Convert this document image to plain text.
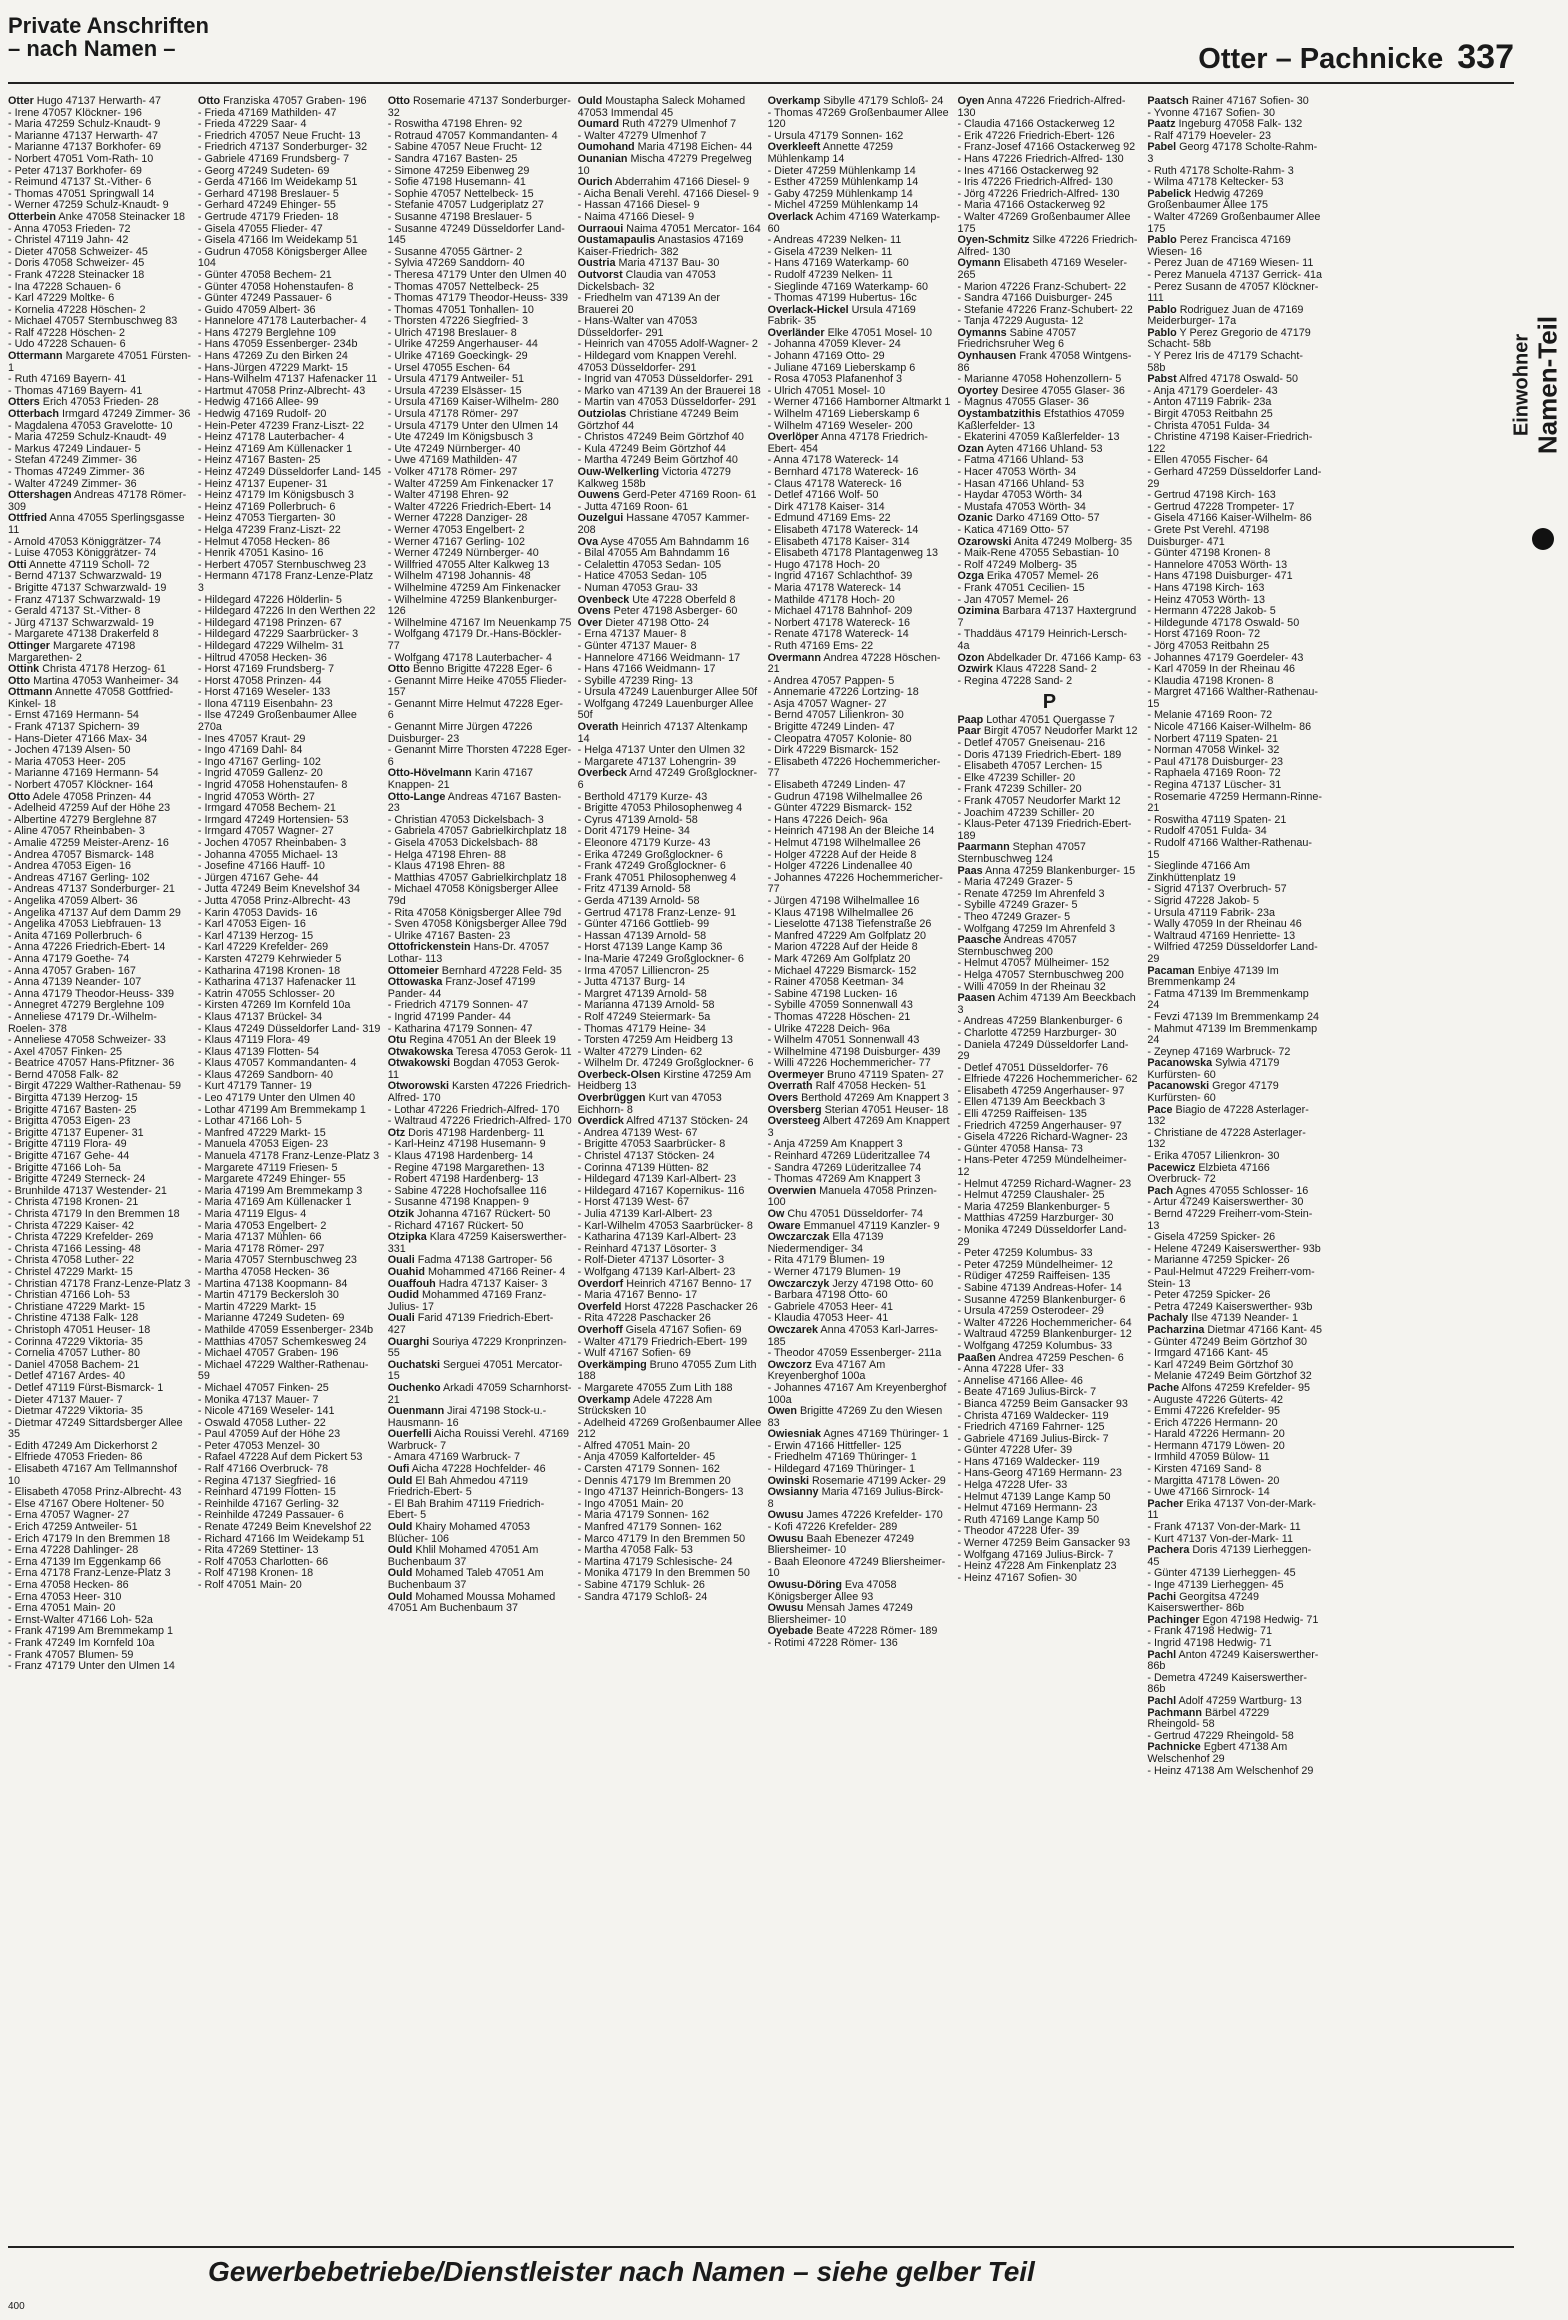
Private Anschriften
– nach Namen –	Otter – Pachnicke 337
Otter Hugo 47137 Herwarth- 47
- Irene 47057 Klöckner- 196
- Maria 47259 Schulz-Knaudt- 9
- Marianne 47137 Herwarth- 47
- Marianne 47137 Borkhofer- 69
- Norbert 47051 Vom-Rath- 10
- Peter 47137 Borkhofer- 69
- Reimund 47137 St.-Vither- 6
- Thomas 47051 Springwall 14
- Werner 47259 Schulz-Knaudt- 9
Otterbein Anke 47058 Steinacker 18
- Anna 47053 Frieden- 72
- Christel 47119 Jahn- 42
- Dieter 47058 Schweizer- 45
- Doris 47058 Schweizer- 45
- Frank 47228 Steinacker 18
- Ina 47228 Schauen- 6
- Karl 47229 Moltke- 6
- Kornelia 47228 Höschen- 2
- Michael 47057 Sternbuschweg 83
- Ralf 47228 Höschen- 2
- Udo 47228 Schauen- 6
Ottermann Margarete 47051 Fürsten- 1
- Ruth 47169 Bayern- 41
- Thomas 47169 Bayern- 41
Otters Erich 47053 Frieden- 28
Otterbach Irmgard 47249 Zimmer- 36
- Magdalena 47053 Gravelotte- 10
- Maria 47259 Schulz-Knaudt- 49
- Markus 47249 Lindauer- 5
- Stefan 47249 Zimmer- 36
- Thomas 47249 Zimmer- 36
- Walter 47249 Zimmer- 36
Ottershagen Andreas 47178 Römer- 309
Ottfried Anna 47055 Sperlingsgasse 11
- Arnold 47053 Königgrätzer- 74
- Luise 47053 Königgrätzer- 74
Otti Annette 47119 Scholl- 72
- Bernd 47137 Schwarzwald- 19
- Brigitte 47137 Schwarzwald- 19
- Franz 47137 Schwarzwald- 19
- Gerald 47137 St.-Vither- 8
- Jürg 47137 Schwarzwald- 19
- Margarete 47138 Drakerfeld 8
Ottinger Margarete 47198 Margarethen- 2
Ottink Christa 47178 Herzog- 61
Otto Martina 47053 Wanheimer- 34
Ottmann Annette 47058 Gottfried-Kinkel- 18
- Ernst 47169 Hermann- 54
- Frank 47137 Spichern- 39
- Hans-Dieter 47166 Max- 34
- Jochen 47139 Alsen- 50
- Maria 47053 Heer- 205
- Marianne 47169 Hermann- 54
- Norbert 47057 Klöckner- 164
Otto Adele 47058 Prinzen- 44
- Adelheid 47259 Auf der Höhe 23
- Albertine 47279 Berglehne 87
- Aline 47057 Rheinbaben- 3
- Amalie 47259 Meister-Arenz- 16
- Andrea 47057 Bismarck- 148
- Andrea 47053 Eigen- 16
- Andreas 47167 Gerling- 102
- Andreas 47137 Sonderburger- 21
- Angelika 47059 Albert- 36
- Angelika 47137 Auf dem Damm 29
- Angelika 47053 Liebfrauen- 13
- Anita 47169 Pollerbruch- 6
- Anna 47226 Friedrich-Ebert- 14
- Anna 47179 Goethe- 74
- Anna 47057 Graben- 167
- Anna 47139 Neander- 107
- Anna 47179 Theodor-Heuss- 339
- Annegret 47279 Berglehne 109
- Anneliese 47179 Dr.-Wilhelm-Roelen- 378
- Anneliese 47058 Schweizer- 33
- Axel 47057 Finken- 25
- Beatrice 47057 Hans-Pfitzner- 36
- Bernd 47058 Falk- 82
- Birgit 47229 Walther-Rathenau- 59
- Birgitta 47139 Herzog- 15
- Brigitte 47167 Basten- 25
- Brigitta 47053 Eigen- 23
- Brigitte 47137 Eupener- 31
- Brigitte 47119 Flora- 49
- Brigitte 47167 Gehe- 44
- Brigitte 47166 Loh- 5a
- Brigitte 47249 Sterneck- 24
- Brunhilde 47137 Westender- 21
- Christa 47198 Kronen- 21
- Christa 47179 In den Bremmen 18
- Christa 47229 Kaiser- 42
- Christa 47229 Krefelder- 269
- Christa 47166 Lessing- 48
- Christa 47058 Luther- 22
- Christel 47229 Markt- 15
- Christian 47178 Franz-Lenze-Platz 3
- Christian 47166 Loh- 53
- Christiane 47229 Markt- 15
- Christine 47138 Falk- 128
- Christoph 47051 Heuser- 18
- Corinna 47229 Viktoria- 35
- Cornelia 47057 Luther- 80
- Daniel 47058 Bachem- 21
- Detlef 47167 Ardes- 40
- Detlef 47119 Fürst-Bismarck- 1
- Dieter 47137 Mauer- 7
- Dietmar 47229 Viktoria- 35
- Dietmar 47249 Sittardsberger Allee 35
- Edith 47249 Am Dickerhorst 2
- Elfriede 47053 Frieden- 86
- Elisabeth 47167 Am Tellmannshof 10
- Elisabeth 47058 Prinz-Albrecht- 43
- Else 47167 Obere Holtener- 50
- Erna 47057 Wagner- 27
- Erich 47259 Antweiler- 51
- Erich 47179 In den Bremmen 18
- Erna 47228 Dahlinger- 28
- Erna 47139 Im Eggenkamp 66
- Erna 47178 Franz-Lenze-Platz 3
- Erna 47058 Hecken- 86
- Erna 47053 Heer- 310
- Erna 47051 Main- 20
- Ernst-Walter 47166 Loh- 52a
- Frank 47199 Am Bremmekamp 1
- Frank 47249 Im Kornfeld 10a
- Frank 47057 Blumen- 59
- Franz 47179 Unter den Ulmen 14
Otto Franziska 47057 Graben- 196
- Frieda 47169 Mathilden- 47
- Frieda 47229 Saar- 4
- Friedrich 47057 Neue Frucht- 13
- Friedrich 47137 Sonderburger- 32
- Gabriele 47169 Frundsberg- 7
- Georg 47249 Sudeten- 69
- Gerda 47166 Im Weidekamp 51
- Gerhard 47198 Breslauer- 5
- Gerhard 47249 Ehinger- 55
- Gertrude 47179 Frieden- 18
- Gisela 47055 Flieder- 47
- Gisela 47166 Im Weidekamp 51
- Gudrun 47058 Königsberger Allee 104
- Günter 47058 Bechem- 21
- Günter 47058 Hohenstaufen- 8
- Günter 47249 Passauer- 6
- Guido 47059 Albert- 36
- Hannelore 47178 Lauterbacher- 4
- Hans 47279 Berglehne 109
- Hans 47059 Essenberger- 234b
- Hans 47269 Zu den Birken 24
- Hans-Jürgen 47229 Markt- 15
- Hans-Wilhelm 47137 Hafenacker 11
- Hartmut 47058 Prinz-Albrecht- 43
- Hedwig 47166 Allee- 99
- Hedwig 47169 Rudolf- 20
- Hein-Peter 47239 Franz-Liszt- 22
- Heinz 47178 Lauterbacher- 4
- Heinz 47169 Am Küllenacker 1
- Heinz 47167 Basten- 25
- Heinz 47249 Düsseldorfer Land- 145
- Heinz 47137 Eupener- 31
- Heinz 47179 Im Königsbusch 3
- Heinz 47169 Pollerbruch- 6
- Heinz 47053 Tiergarten- 30
- Helga 47239 Franz-Liszt- 22
- Helmut 47058 Hecken- 86
- Henrik 47051 Kasino- 16
- Herbert 47057 Sternbuschweg 23
- Hermann 47178 Franz-Lenze-Platz 3
- Hildegard 47226 Hölderlin- 5
- Hildegard 47226 In den Werthen 22
- Hildegard 47198 Prinzen- 67
- Hildegard 47229 Saarbrücker- 3
- Hildegard 47229 Wilhelm- 31
- Hiltrud 47058 Hecken- 36
- Horst 47169 Frundsberg- 7
- Horst 47058 Prinzen- 44
- Horst 47169 Weseler- 133
- Ilona 47119 Eisenbahn- 23
- Ilse 47249 Großenbaumer Allee 270a
- Ines 47057 Kraut- 29
- Ingo 47169 Dahl- 84
- Ingo 47167 Gerling- 102
- Ingrid 47059 Gallenz- 20
- Ingrid 47058 Hohenstaufen- 8
- Ingrid 47053 Wörth- 27
- Irmgard 47058 Bechem- 21
- Irmgard 47249 Hortensien- 53
- Irmgard 47057 Wagner- 27
- Jochen 47057 Rheinbaben- 3
- Johanna 47055 Michael- 13
- Josefine 47166 Hauff- 10
- Jürgen 47167 Gehe- 44
- Jutta 47249 Beim Knevelshof 34
- Jutta 47058 Prinz-Albrecht- 43
- Karin 47053 Davids- 16
- Karl 47053 Eigen- 16
- Karl 47139 Herzog- 15
- Karl 47229 Krefelder- 269
- Karsten 47279 Kehrwieder 5
- Katharina 47198 Kronen- 18
- Katharina 47137 Hafenacker 11
- Katrin 47055 Schlosser- 20
- Kirsten 47269 Im Kornfeld 10a
- Klaus 47137 Brückel- 34
- Klaus 47249 Düsseldorfer Land- 319
- Klaus 47119 Flora- 49
- Klaus 47139 Flotten- 54
- Klaus 47057 Kommandanten- 4
- Klaus 47269 Sandborn- 40
- Kurt 47179 Tanner- 19
- Leo 47179 Unter den Ulmen 40
- Lothar 47199 Am Bremmekamp 1
- Lothar 47166 Loh- 5
- Manfred 47229 Markt- 15
- Manuela 47053 Eigen- 23
- Manuela 47178 Franz-Lenze-Platz 3
- Margarete 47119 Friesen- 5
- Margarete 47249 Ehinger- 55
- Maria 47199 Am Bremmekamp 3
- Maria 47169 Am Küllenacker 1
- Maria 47119 Elgus- 4
- Maria 47053 Engelbert- 2
- Maria 47137 Mühlen- 66
- Maria 47178 Römer- 297
- Maria 47057 Sternbuschweg 23
- Martha 47058 Hecken- 36
- Martina 47138 Koopmann- 84
- Martin 47179 Beckersloh 30
- Martin 47229 Markt- 15
- Marianne 47249 Sudeten- 69
- Mathilde 47059 Essenberger- 234b
- Matthias 47057 Schemkesweg 24
- Michael 47057 Graben- 196
- Michael 47229 Walther-Rathenau- 59
- Michael 47057 Finken- 25
- Monika 47137 Mauer- 7
- Nicole 47169 Weseler- 141
- Oswald 47058 Luther- 22
- Paul 47059 Auf der Höhe 23
- Peter 47053 Menzel- 30
- Rafael 47228 Auf dem Pickert 53
- Ralf 47166 Overbruck- 78
- Regina 47137 Siegfried- 16
- Reinhard 47199 Flotten- 15
- Reinhilde 47167 Gerling- 32
- Reinhilde 47249 Passauer- 6
- Renate 47249 Beim Knevelshof 22
- Richard 47166 Im Weidekamp 51
- Rita 47269 Stettiner- 13
- Rolf 47053 Charlotten- 66
- Rolf 47198 Kronen- 18
- Rolf 47051 Main- 20
Otto Rosemarie 47137 Sonderburger- 32
- Roswitha 47198 Ehren- 92
- Rotraud 47057 Kommandanten- 4
- Sabine 47057 Neue Frucht- 12
- Sandra 47167 Basten- 25
- Simone 47259 Eibenweg 29
- Sofie 47198 Husemann- 41
- Sophie 47057 Nettelbeck- 15
- Stefanie 47057 Ludgeriplatz 27
- Susanne 47198 Breslauer- 5
- Susanne 47249 Düsseldorfer Land- 145
- Susanne 47055 Gärtner- 2
- Sylvia 47269 Sanddorn- 40
- Theresa 47179 Unter den Ulmen 40
- Thomas 47057 Nettelbeck- 25
- Thomas 47179 Theodor-Heuss- 339
- Thomas 47051 Tonhallen- 10
- Thorsten 47226 Siegfried- 3
- Ulrich 47198 Breslauer- 8
- Ulrike 47259 Angerhauser- 44
- Ulrike 47169 Goeckingk- 29
- Ursel 47055 Eschen- 64
- Ursula 47179 Antweiler- 51
- Ursula 47239 Elsässer- 15
- Ursula 47169 Kaiser-Wilhelm- 280
- Ursula 47178 Römer- 297
- Ursula 47179 Unter den Ulmen 14
- Ute 47249 Im Königsbusch 3
- Ute 47249 Nürnberger- 40
- Uwe 47169 Mathilden- 47
- Volker 47178 Römer- 297
- Walter 47259 Am Finkenacker 17
- Walter 47198 Ehren- 92
- Walter 47226 Friedrich-Ebert- 14
- Werner 47228 Danziger- 28
- Werner 47053 Engelbert- 2
- Werner 47167 Gerling- 102
- Werner 47249 Nürnberger- 40
- Willfried 47055 Alter Kalkweg 13
- Wilhelm 47198 Johannis- 48
- Wilhelmine 47259 Am Finkenacker
- Wilhelmine 47259 Blankenburger- 126
- Wilhelmine 47167 Im Neuenkamp 75
- Wolfgang 47179 Dr.-Hans-Böckler- 77
- Wolfgang 47178 Lauterbacher- 4
Otto Benno Brigitte 47228 Eger- 6
- Genannt Mirre Heike 47055 Flieder- 157
- Genannt Mirre Helmut 47228 Eger- 6
- Genannt Mirre Jürgen 47226 Duisburger- 23
- Genannt Mirre Thorsten 47228 Eger- 6
Otto-Hövelmann Karin 47167 Knappen- 21
Otto-Lange Andreas 47167 Basten- 23
- Christian 47053 Dickelsbach- 3
- Gabriela 47057 Gabrielkirchplatz 18
- Gisela 47053 Dickelsbach- 88
- Helga 47198 Ehren- 88
- Klaus 47198 Ehren- 88
- Matthias 47057 Gabrielkirchplatz 18
- Michael 47058 Königsberger Allee 79d
- Rita 47058 Königsberger Allee 79d
- Sven 47058 Königsberger Allee 79d
- Ulrike 47167 Basten- 23
Ottofrickenstein Hans-Dr. 47057 Lothar- 113
Ottomeier Bernhard 47228 Feld- 35
Ottowaska Franz-Josef 47199 Pander- 44
- Friedrich 47179 Sonnen- 47
- Ingrid 47199 Pander- 44
- Katharina 47179 Sonnen- 47
Otu Regina 47051 An der Bleek 19
Otwakowska Teresa 47053 Gerok- 11
Otwakowski Bogdan 47053 Gerok- 11
Otworowski Karsten 47226 Friedrich-Alfred- 170
- Lothar 47226 Friedrich-Alfred- 170
- Waltraud 47226 Friedrich-Alfred- 170
Otz Doris 47198 Hardenberg- 11
- Karl-Heinz 47198 Husemann- 9
- Klaus 47198 Hardenberg- 14
- Regine 47198 Margarethen- 13
- Robert 47198 Hardenberg- 13
- Sabine 47228 Hochofsallee 116
- Susanne 47198 Knappen- 9
Otzik Johanna 47167 Rückert- 50
- Richard 47167 Rückert- 50
Otzipka Klara 47259 Kaiserswerther- 331
Ouali Fadma 47138 Gartroper- 56
Ouahid Mohammed 47166 Reiner- 4
Ouaffouh Hadra 47137 Kaiser- 3
Oudid Mohammed 47169 Franz-Julius- 17
Ouali Farid 47139 Friedrich-Ebert- 427
Ouarghi Souriya 47229 Kronprinzen- 55
Ouchatski Serguei 47051 Mercator- 15
Ouchenko Arkadi 47059 Scharnhorst- 21
Ouenmann Jirai 47198 Stock-u.-Hausmann- 16
Ouerfelli Aicha Rouissi Verehl. 47169 Warbruck- 7
- Amara 47169 Warbruck- 7
Oufi Aicha 47228 Hochfelder- 46
Ould El Bah Ahmedou 47119 Friedrich-Ebert- 5
- El Bah Brahim 47119 Friedrich-Ebert- 5
Ould Khairy Mohamed 47053 Blücher- 106
Ould Khlil Mohamed 47051 Am Buchenbaum 37
Ould Mohamed Taleb 47051 Am Buchenbaum 37
Ould Mohamed Moussa Mohamed 47051 Am Buchenbaum 37
Ould Moustapha Saleck Mohamed 47053 Immendal 45
Oumard Ruth 47279 Ulmenhof 7
- Walter 47279 Ulmenhof 7
Oumohand Maria 47198 Eichen- 44
Ounanian Mischa 47279 Pregelweg 10
Ourich Abderrahim 47166 Diesel- 9
- Aicha Benali Verehl. 47166 Diesel- 9
- Hassan 47166 Diesel- 9
- Naima 47166 Diesel- 9
Ourraoui Naima 47051 Mercator- 164
Oustamapaulis Anastasios 47169 Kaiser-Friedrich- 382
Oustria Maria 47137 Bau- 30
Outvorst Claudia van 47053 Dickelsbach- 32
- Friedhelm van 47139 An der Brauerei 20
- Hans-Walter van 47053 Düsseldorfer- 291
- Heinrich van 47055 Adolf-Wagner- 2
- Hildegard vom Knappen Verehl. 47053 Düsseldorfer- 291
- Ingrid van 47053 Düsseldorfer- 291
- Marko van 47139 An der Brauerei 18
- Martin van 47053 Düsseldorfer- 291
Outziolas Christiane 47249 Beim Görtzhof 44
- Christos 47249 Beim Görtzhof 40
- Kula 47249 Beim Görtzhof 44
- Martha 47249 Beim Görtzhof 40
Ouw-Welkerling Victoria 47279 Kalkweg 158b
Ouwens Gerd-Peter 47169 Roon- 61
- Jutta 47169 Roon- 61
Ouzelgui Hassane 47057 Kammer- 208
Ova Ayse 47055 Am Bahndamm 16
- Bilal 47055 Am Bahndamm 16
- Celalettin 47053 Sedan- 105
- Hatice 47053 Sedan- 105
- Numan 47053 Grau- 33
Ovenbeck Ute 47228 Oberfeld 8
Ovens Peter 47198 Asberger- 60
Over Dieter 47198 Otto- 24
- Erna 47137 Mauer- 8
- Günter 47137 Mauer- 8
- Hannelore 47166 Weidmann- 17
- Hans 47166 Weidmann- 17
- Sybille 47239 Ring- 13
- Ursula 47249 Lauenburger Allee 50f
- Wolfgang 47249 Lauenburger Allee 50f
Overath Heinrich 47137 Altenkamp 14
- Helga 47137 Unter den Ulmen 32
- Margarete 47137 Lohengrin- 39
Overbeck Arnd 47249 Großglockner- 6
- Berthold 47179 Kurze- 43
- Brigitte 47053 Philosophenweg 4
- Cyrus 47139 Arnold- 58
- Dorit 47179 Heine- 34
- Eleonore 47179 Kurze- 43
- Erika 47249 Großglockner- 6
- Frank 47249 Großglockner- 6
- Frank 47051 Philosophenweg 4
- Fritz 47139 Arnold- 58
- Gerda 47139 Arnold- 58
- Gertrud 47178 Franz-Lenze- 91
- Günter 47166 Gottlieb- 99
- Hassan 47139 Arnold- 58
- Horst 47139 Lange Kamp 36
- Ina-Marie 47249 Großglockner- 6
- Irma 47057 Lilliencron- 25
- Jutta 47137 Burg- 14
- Margret 47139 Arnold- 58
- Marianna 47139 Arnold- 58
- Rolf 47249 Steiermark- 5a
- Thomas 47179 Heine- 34
- Torsten 47259 Am Heidberg 13
- Walter 47279 Linden- 62
- Wilhelm Dr. 47249 Großglockner- 6
Overbeck-Olsen Kirstine 47259 Am Heidberg 13
Overbrüggen Kurt van 47053 Eichhorn- 8
Overdick Alfred 47137 Stöcken- 24
- Andrea 47139 West- 67
- Brigitte 47053 Saarbrücker- 8
- Christel 47137 Stöcken- 24
- Corinna 47139 Hütten- 82
- Hildegard 47139 Karl-Albert- 23
- Hildegard 47167 Kopernikus- 116
- Horst 47139 West- 67
- Julia 47139 Karl-Albert- 23
- Karl-Wilhelm 47053 Saarbrücker- 8
- Katharina 47139 Karl-Albert- 23
- Reinhard 47137 Lösorter- 3
- Rolf-Dieter 47137 Lösorter- 3
- Wolfgang 47139 Karl-Albert- 23
Overdorf Heinrich 47167 Benno- 17
- Maria 47167 Benno- 17
Overfeld Horst 47228 Paschacker 26
- Rita 47228 Paschacker 26
Overhoff Gisela 47167 Sofien- 69
- Walter 47179 Friedrich-Ebert- 199
- Wulf 47167 Sofien- 69
Overkämping Bruno 47055 Zum Lith 188
- Margarete 47055 Zum Lith 188
Overkamp Adele 47228 Am Strücksken 10
- Adelheid 47269 Großenbaumer Allee 212
- Alfred 47051 Main- 20
- Anja 47059 Kalfortelder- 45
- Carsten 47179 Sonnen- 162
- Dennis 47179 Im Bremmen 20
- Ingo 47137 Heinrich-Bongers- 13
- Ingo 47051 Main- 20
- Maria 47179 Sonnen- 162
- Manfred 47179 Sonnen- 162
- Marco 47179 In den Bremmen 50
- Martha 47058 Falk- 53
- Martina 47179 Schlesische- 24
- Monika 47179 In den Bremmen 50
- Sabine 47179 Schluk- 26
- Sandra 47179 Schloß- 24
Overkamp Sibylle 47179 Schloß- 24
- Thomas 47269 Großenbaumer Allee 120
- Ursula 47179 Sonnen- 162
Overkleeft Annette 47259 Mühlenkamp 14
- Dieter 47259 Mühlenkamp 14
- Esther 47259 Mühlenkamp 14
- Gaby 47259 Mühlenkamp 14
- Michel 47259 Mühlenkamp 14
Overlack Achim 47169 Waterkamp- 60
- Andreas 47239 Nelken- 11
- Gisela 47239 Nelken- 11
- Hans 47169 Waterkamp- 60
- Rudolf 47239 Nelken- 11
- Sieglinde 47169 Waterkamp- 60
- Thomas 47199 Hubertus- 16c
Overlack-Hickel Ursula 47169 Fabrik- 35
Overländer Elke 47051 Mosel- 10
- Johanna 47059 Klever- 24
- Johann 47169 Otto- 29
- Juliane 47169 Lieberskamp 6
- Rosa 47053 Plafanenhof 3
- Ulrich 47051 Mosel- 10
- Werner 47166 Hamborner Altmarkt 1
- Wilhelm 47169 Lieberskamp 6
- Wilhelm 47169 Weseler- 200
Overlöper Anna 47178 Friedrich-Ebert- 454
- Anna 47178 Watereck- 14
- Bernhard 47178 Watereck- 16
- Claus 47178 Watereck- 16
- Detlef 47166 Wolf- 50
- Dirk 47178 Kaiser- 314
- Edmund 47169 Ems- 22
- Elisabeth 47178 Watereck- 14
- Elisabeth 47178 Kaiser- 314
- Elisabeth 47178 Plantagenweg 13
- Hugo 47178 Hoch- 20
- Ingrid 47167 Schlachthof- 39
- Maria 47178 Watereck- 14
- Mathilde 47178 Hoch- 20
- Michael 47178 Bahnhof- 209
- Norbert 47178 Watereck- 16
- Renate 47178 Watereck- 14
- Ruth 47169 Ems- 22
Overmann Andrea 47228 Höschen- 21
- Andrea 47057 Pappen- 5
- Annemarie 47226 Lortzing- 18
- Asja 47057 Wagner- 27
- Bernd 47057 Lilienkron- 30
- Brigitte 47249 Linden- 47
- Cleopatra 47057 Kolonie- 80
- Dirk 47229 Bismarck- 152
- Elisabeth 47226 Hochemmericher- 77
- Elisabeth 47249 Linden- 47
- Gudrun 47198 Wilhelmallee 26
- Günter 47229 Bismarck- 152
- Hans 47226 Deich- 96a
- Heinrich 47198 An der Bleiche 14
- Helmut 47198 Wilhelmallee 26
- Holger 47228 Auf der Heide 8
- Holger 47226 Lindenallee 40
- Johannes 47226 Hochemmericher- 77
- Jürgen 47198 Wilhelmallee 16
- Klaus 47198 Wilhelmallee 26
- Lieselotte 47138 Tiefenstraße 26
- Manfred 47229 Am Golfplatz 20
- Marion 47228 Auf der Heide 8
- Mark 47269 Am Golfplatz 20
- Michael 47229 Bismarck- 152
- Rainer 47058 Keetman- 34
- Sabine 47198 Lucken- 16
- Sybille 47059 Sonnenwall 43
- Thomas 47228 Höschen- 21
- Ulrike 47228 Deich- 96a
- Wilhelm 47051 Sonnenwall 43
- Wilhelmine 47198 Duisburger- 439
- Willi 47226 Hochemmericher- 77
Overmeyer Bruno 47119 Spaten- 27
Overrath Ralf 47058 Hecken- 51
Overs Berthold 47269 Am Knappert 3
Oversberg Sterian 47051 Heuser- 18
Oversteeg Albert 47269 Am Knappert 3
- Anja 47259 Am Knappert 3
- Reinhard 47269 Lüderitzallee 74
- Sandra 47269 Lüderitzallee 74
- Thomas 47269 Am Knappert 3
Overwien Manuela 47058 Prinzen- 100
Ow Chu 47051 Düsseldorfer- 74
Oware Emmanuel 47119 Kanzler- 9
Owczarczak Ella 47139 Niedermendiger- 34
- Rita 47179 Blumen- 19
- Werner 47179 Blumen- 19
Owczarczyk Jerzy 47198 Otto- 60
- Barbara 47198 Otto- 60
- Gabriele 47053 Heer- 41
- Klaudia 47053 Heer- 41
Owczarek Anna 47053 Karl-Jarres- 185
- Theodor 47059 Essenberger- 211a
Owczorz Eva 47167 Am Kreyenberghof 100a
- Johannes 47167 Am Kreyenberghof 100a
Owen Brigitte 47269 Zu den Wiesen 83
Owiesniak Agnes 47169 Thüringer- 1
- Erwin 47166 Hittfeller- 125
- Friedhelm 47169 Thüringer- 1
- Hildegard 47169 Thüringer- 1
Owinski Rosemarie 47199 Acker- 29
Owsianny Maria 47169 Julius-Birck- 8
Owusu James 47226 Krefelder- 170
- Kofi 47226 Krefelder- 289
Owusu Baah Ebenezer 47249 Bliersheimer- 10
- Baah Eleonore 47249 Bliersheimer- 10
Owusu-Döring Eva 47058 Königsberger Allee 93
Owusu Mensah James 47249 Bliersheimer- 10
Oyebade Beate 47228 Römer- 189
- Rotimi 47228 Römer- 136
Oyen Anna 47226 Friedrich-Alfred- 130
- Claudia 47166 Ostackerweg 12
- Erik 47226 Friedrich-Ebert- 126
- Franz-Josef 47166 Ostackerweg 92
- Hans 47226 Friedrich-Alfred- 130
- Ines 47166 Ostackerweg 92
- Iris 47226 Friedrich-Alfred- 130
- Jörg 47226 Friedrich-Alfred- 130
- Maria 47166 Ostackerweg 92
- Walter 47269 Großenbaumer Allee 175
Oyen-Schmitz Silke 47226 Friedrich-Alfred- 130
Oymann Elisabeth 47169 Weseler- 265
- Marion 47226 Franz-Schubert- 22
- Sandra 47166 Duisburger- 245
- Stefanie 47226 Franz-Schubert- 22
- Tanja 47229 Augusta- 12
Oymanns Sabine 47057 Friedrichsruher Weg 6
Oynhausen Frank 47058 Wintgens- 86
- Marianne 47058 Hohenzollern- 5
Oyortey Desiree 47055 Glaser- 36
- Magnus 47055 Glaser- 36
Oystambatzithis Efstathios 47059 Kaßlerfelder- 13
- Ekaterini 47059 Kaßlerfelder- 13
Ozan Ayten 47166 Uhland- 53
- Fatma 47166 Uhland- 53
- Hacer 47053 Wörth- 34
- Hasan 47166 Uhland- 53
- Haydar 47053 Wörth- 34
- Mustafa 47053 Wörth- 34
Ozanic Darko 47169 Otto- 57
- Katica 47169 Otto- 57
Ozarowski Anita 47249 Molberg- 35
- Maik-Rene 47055 Sebastian- 10
- Rolf 47249 Molberg- 35
Ozga Erika 47057 Memel- 26
- Frank 47051 Cecilien- 15
- Jan 47057 Memel- 26
Ozimina Barbara 47137 Haxtergrund 7
- Thaddäus 47179 Heinrich-Lersch- 4a
Ozon Abdelkader Dr. 47166 Kamp- 63
Ozwirk Klaus 47228 Sand- 2
- Regina 47228 Sand- 2
P
Paap Lothar 47051 Quergasse 7
Paar Birgit 47057 Neudorfer Markt 12
- Detlef 47057 Gneisenau- 216
- Doris 47139 Friedrich-Ebert- 189
- Elisabeth 47057 Lerchen- 15
- Elke 47239 Schiller- 20
- Frank 47239 Schiller- 20
- Frank 47057 Neudorfer Markt 12
- Joachim 47239 Schiller- 20
- Klaus-Peter 47139 Friedrich-Ebert- 189
Paarmann Stephan 47057 Sternbuschweg 124
Paas Anna 47259 Blankenburger- 15
- Maria 47249 Grazer- 5
- Renate 47259 Im Ahrenfeld 3
- Sybille 47249 Grazer- 5
- Theo 47249 Grazer- 5
- Wolfgang 47259 Im Ahrenfeld 3
Paasche Andreas 47057 Sternbuschweg 200
- Helmut 47057 Mülheimer- 152
- Helga 47057 Sternbuschweg 200
- Willi 47059 In der Rheinau 32
Paasen Achim 47139 Am Beeckbach 3
- Andreas 47259 Blankenburger- 6
- Charlotte 47259 Harzburger- 30
- Daniela 47249 Düsseldorfer Land- 29
- Detlef 47051 Düsseldorfer- 76
- Elfriede 47226 Hochemmericher- 62
- Elisabeth 47259 Angerhauser- 97
- Ellen 47139 Am Beeckbach 3
- Elli 47259 Raiffeisen- 135
- Friedrich 47259 Angerhauser- 97
- Gisela 47226 Richard-Wagner- 23
- Günter 47058 Hansa- 73
- Hans-Peter 47259 Mündelheimer- 12
- Helmut 47259 Richard-Wagner- 23
- Helmut 47259 Claushaler- 25
- Maria 47259 Blankenburger- 5
- Matthias 47259 Harzburger- 30
- Monika 47249 Düsseldorfer Land- 29
- Peter 47259 Kolumbus- 33
- Peter 47259 Mündelheimer- 12
- Rüdiger 47259 Raiffeisen- 135
- Sabine 47139 Andreas-Hofer- 14
- Susanne 47259 Blankenburger- 6
- Ursula 47259 Osterodeer- 29
- Walter 47226 Hochemmericher- 64
- Waltraud 47259 Blankenburger- 12
- Wolfgang 47259 Kolumbus- 33
Paaßen Andrea 47259 Peschen- 6
- Anna 47228 Ufer- 33
- Annelise 47166 Allee- 46
- Beate 47169 Julius-Birck- 7
- Bianca 47259 Beim Gansacker 93
- Christa 47169 Waldecker- 119
- Friedrich 47169 Fahrner- 125
- Gabriele 47169 Julius-Birck- 7
- Günter 47228 Ufer- 39
- Hans 47169 Waldecker- 119
- Hans-Georg 47169 Hermann- 23
- Helga 47228 Ufer- 33
- Helmut 47139 Lange Kamp 50
- Helmut 47169 Hermann- 23
- Ruth 47169 Lange Kamp 50
- Theodor 47228 Ufer- 39
- Werner 47259 Beim Gansacker 93
- Wolfgang 47169 Julius-Birck- 7
- Heinz 47228 Am Finkenplatz 23
- Heinz 47167 Sofien- 30
Paatsch Rainer 47167 Sofien- 30
- Yvonne 47167 Sofien- 30
Paatz Ingeburg 47058 Falk- 132
- Ralf 47179 Hoeveler- 23
Pabel Georg 47178 Scholte-Rahm- 3
- Ruth 47178 Scholte-Rahm- 3
- Wilma 47178 Keltecker- 53
Pabelick Hedwig 47269 Großenbaumer Allee 175
- Walter 47269 Großenbaumer Allee 175
Pablo Perez Francisca 47169 Wiesen- 16
- Perez Juan de 47169 Wiesen- 11
- Perez Manuela 47137 Gerrick- 41a
- Perez Susann de 47057 Klöckner- 111
Pablo Rodriguez Juan de 47169 Meiderburger- 17a
Pablo Y Perez Gregorio de 47179 Schacht- 58b
- Y Perez Iris de 47179 Schacht- 58b
Pabst Alfred 47178 Oswald- 50
- Anja 47179 Goerdeler- 43
- Anton 47119 Fabrik- 23a
- Birgit 47053 Reitbahn 25
- Christa 47051 Fulda- 34
- Christine 47198 Kaiser-Friedrich- 122
- Ellen 47055 Fischer- 64
- Gerhard 47259 Düsseldorfer Land- 29
- Gertrud 47198 Kirch- 163
- Gertrud 47228 Trompeter- 17
- Gisela 47166 Kaiser-Wilhelm- 86
- Grete Pst Verehl. 47198 Duisburger- 471
- Günter 47198 Kronen- 8
- Hannelore 47053 Wörth- 13
- Hans 47198 Duisburger- 471
- Hans 47198 Kirch- 163
- Heinz 47053 Wörth- 13
- Hermann 47228 Jakob- 5
- Hildegunde 47178 Oswald- 50
- Horst 47169 Roon- 72
- Jörg 47053 Reitbahn 25
- Johannes 47179 Goerdeler- 43
- Karl 47059 In der Rheinau 46
- Klaudia 47198 Kronen- 8
- Margret 47166 Walther-Rathenau- 15
- Melanie 47169 Roon- 72
- Nicole 47166 Kaiser-Wilhelm- 86
- Norbert 47119 Spaten- 21
- Norman 47058 Winkel- 32
- Paul 47178 Duisburger- 23
- Raphaela 47169 Roon- 72
- Regina 47137 Lüscher- 31
- Rosemarie 47259 Hermann-Rinne- 21
- Roswitha 47119 Spaten- 21
- Rudolf 47051 Fulda- 34
- Rudolf 47166 Walther-Rathenau- 15
- Sieglinde 47166 Am Zinkhüttenplatz 19
- Sigrid 47137 Overbruch- 57
- Sigrid 47228 Jakob- 5
- Ursula 47119 Fabrik- 23a
- Wally 47059 In der Rheinau 46
- Waltraud 47169 Henriette- 13
- Wilfried 47259 Düsseldorfer Land- 29
Pacaman Enbiye 47139 Im Bremmenkamp 24
- Fatma 47139 Im Bremmenkamp 24
- Fevzi 47139 Im Bremmenkamp 24
- Mahmut 47139 Im Bremmenkamp 24
- Zeynep 47169 Warbruck- 72
Pacanowska Sylwia 47179 Kurfürsten- 60
Pacanowski Gregor 47179 Kurfürsten- 60
Pace Biagio de 47228 Asterlager- 132
- Christiane de 47228 Asterlager- 132
- Erika 47057 Lilienkron- 30
Pacewicz Elzbieta 47166 Overbruck- 72
Pach Agnes 47055 Schlosser- 16
- Artur 47249 Kaiserswerther- 30
- Bernd 47229 Freiherr-vom-Stein- 13
- Gisela 47259 Spicker- 26
- Helene 47249 Kaiserswerther- 93b
- Marianne 47259 Spicker- 26
- Paul-Helmut 47229 Freiherr-vom-Stein- 13
- Peter 47259 Spicker- 26
- Petra 47249 Kaiserswerther- 93b
Pachaly Ilse 47139 Neander- 1
Pacharzina Dietmar 47166 Kant- 45
- Günter 47249 Beim Görtzhof 30
- Irmgard 47166 Kant- 45
- Karl 47249 Beim Görtzhof 30
- Melanie 47249 Beim Görtzhof 32
Pache Alfons 47259 Krefelder- 95
- Auguste 47226 Güterts- 42
- Emmi 47226 Krefelder- 95
- Erich 47226 Hermann- 20
- Harald 47226 Hermann- 20
- Hermann 47179 Löwen- 20
- Irmhild 47059 Bülow- 11
- Kirsten 47169 Sand- 8
- Margitta 47178 Löwen- 20
- Uwe 47166 Sirnrock- 14
Pacher Erika 47137 Von-der-Mark- 11
- Frank 47137 Von-der-Mark- 11
- Kurt 47137 Von-der-Mark- 11
Pachera Doris 47139 Lierheggen- 45
- Günter 47139 Lierheggen- 45
- Inge 47139 Lierheggen- 45
Pachi Georgitsa 47249 Kaiserswerther- 86b
Pachinger Egon 47198 Hedwig- 71
- Frank 47198 Hedwig- 71
- Ingrid 47198 Hedwig- 71
Pachl Anton 47249 Kaiserswerther- 86b
- Demetra 47249 Kaiserswerther- 86b
Pachl Adolf 47259 Wartburg- 13
Pachmann Bärbel 47229 Rheingold- 58
- Gertrud 47229 Rheingold- 58
Pachnicke Egbert 47138 Am Welschenhof 29
- Heinz 47138 Am Welschenhof 29
Einwohner Namen-Teil
Gewerbebetriebe/Dienstleister nach Namen – siehe gelber Teil
400
